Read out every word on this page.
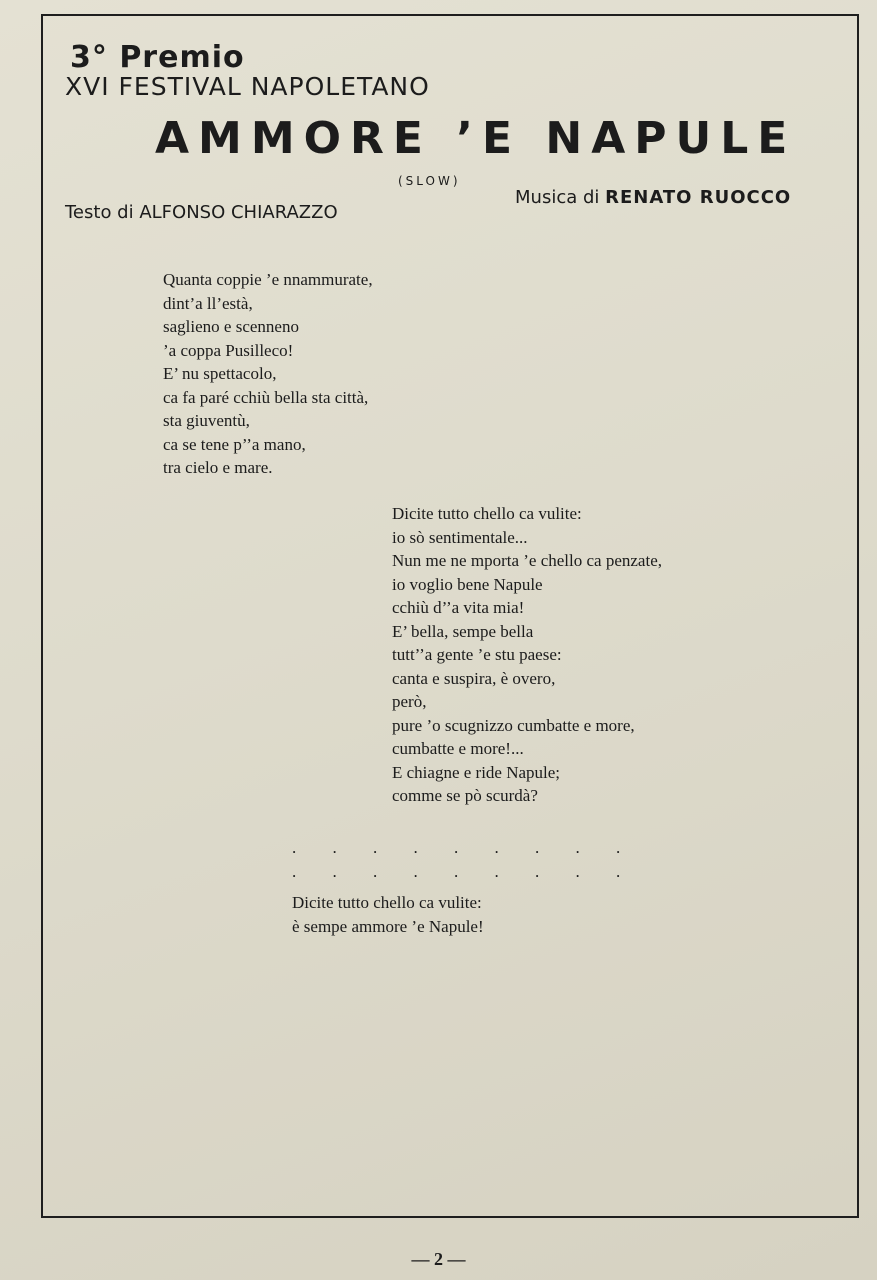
3° Premio
XVI FESTIVAL NAPOLETANO
AMMORE ’E NAPULE
(SLOW)
Testo di ALFONSO CHIARAZZO
Musica di RENATO RUOCCO
Quanta coppie ’e nnammurate,
dint’a ll’està,
saglieno e scenneno
’a coppa Pusilleco!
E’ nu spettacolo,
ca fa paré cchiù bella sta città,
sta giuventù,
ca se tene p’’a mano,
tra cielo e mare.
Dicite tutto chello ca vulite:
io sò sentimentale...
Nun me ne mporta ’e chello ca penzate,
io voglio bene Napule
cchiù d’’a vita mia!
E’ bella, sempe bella
tutt’’a gente ’e stu paese:
canta e suspira, è overo,
però,
pure ’o scugnizzo cumbatte e more,
cumbatte e more!...
E chiagne e ride Napule;
comme se pò scurdà?

. . . . . . . . .

. . . . . . . . .

Dicite tutto chello ca vulite:
è sempe ammore ’e Napule!
— 2 —
